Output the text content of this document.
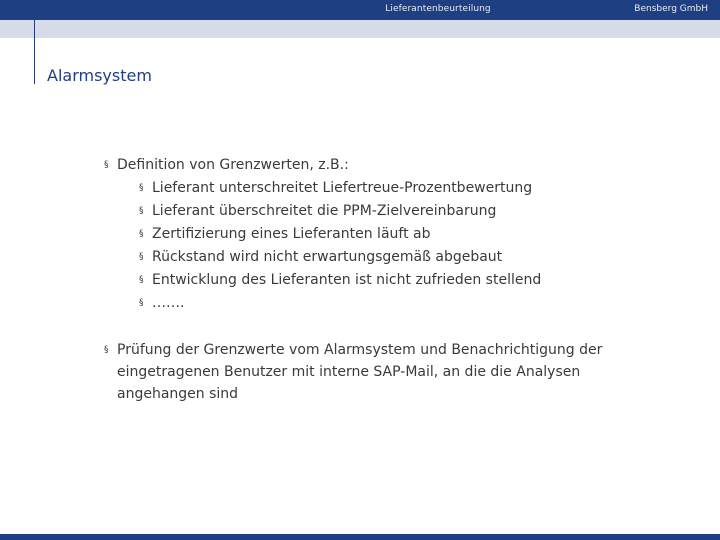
Lieferantenbeurteilung	Bensberg GmbH
Alarmsystem
§ Definition von Grenzwerten, z.B.:
§ Lieferant unterschreitet Liefertreue-Prozentbewertung
§ Lieferant überschreitet die PPM-Zielvereinbarung
§ Zertifizierung eines Lieferanten läuft ab
§ Rückstand wird nicht erwartungsgemäß abgebaut
§ Entwicklung des Lieferanten ist nicht zufrieden stellend
§ …….
§ Prüfung der Grenzwerte vom Alarmsystem und Benachrichtigung der eingetragenen Benutzer mit interne SAP-Mail, an die die Analysen angehangen sind
